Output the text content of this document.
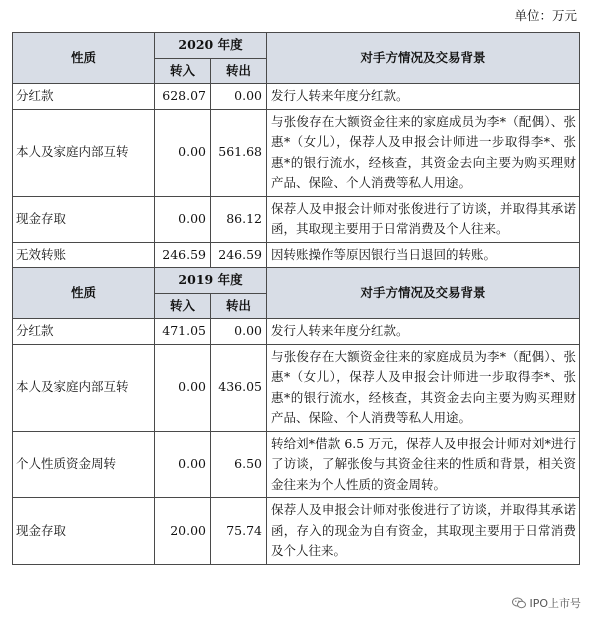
单位：万元
性质	2020 年度		对手方情况及交易背景
	转入	转出	
分红款	628.07	0.00	发行人转来年度分红款。
本人及家庭内部互转	0.00	561.68	与张俊存在大额资金往来的家庭成员为李*（配偶）、张惠*（女儿），保荐人及申报会计师进一步取得李*、张惠*的银行流水，经核查，其资金去向主要为购买理财产品、保险、个人消费等私人用途。
现金存取	0.00	86.12	保荐人及申报会计师对张俊进行了访谈，并取得其承诺函，其取现主要用于日常消费及个人往来。
无效转账	246.59	246.59	因转账操作等原因银行当日退回的转账。
性质	2019 年度		对手方情况及交易背景
	转入	转出	
分红款	471.05	0.00	发行人转来年度分红款。
本人及家庭内部互转	0.00	436.05	与张俊存在大额资金往来的家庭成员为李*（配偶）、张惠*（女儿），保荐人及申报会计师进一步取得李*、张惠*的银行流水，经核查，其资金去向主要为购买理财产品、保险、个人消费等私人用途。
个人性质资金周转	0.00	6.50	转给刘*借款 6.5 万元，保荐人及申报会计师对刘*进行了访谈，了解张俊与其资金往来的性质和背景，相关资金往来为个人性质的资金周转。
现金存取	20.00	75.74	保荐人及申报会计师对张俊进行了访谈，并取得其承诺函，存入的现金为自有资金，其取现主要用于日常消费及个人往来。
IPO上市号
